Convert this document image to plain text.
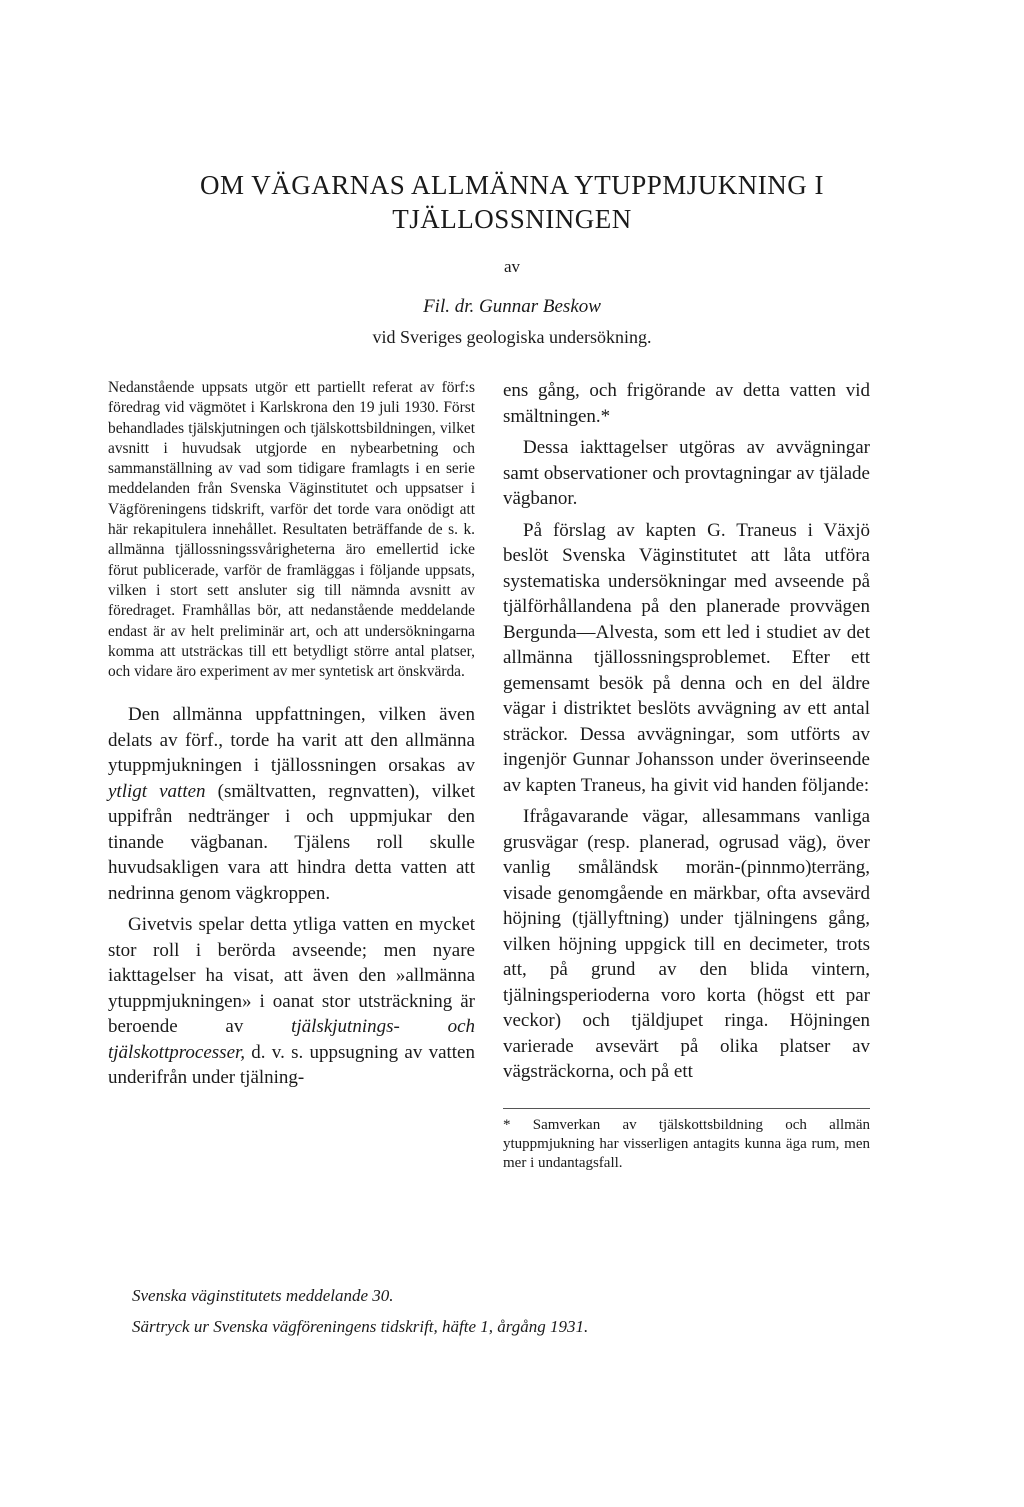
OM VÄGARNAS ALLMÄNNA YTUPPMJUKNING I
TJÄLLOSSNINGEN

av

Fil. dr. Gunnar Beskow

vid Sveriges geologiska undersökning.

Nedanstående uppsats utgör ett partiellt referat av förf:s föredrag vid vägmötet i Karlskrona den 19 juli 1930. Först behandlades tjälskjutningen och tjälskottsbildningen, vilket avsnitt i huvudsak utgjorde en nybearbetning och sammanställning av vad som tidigare framlagts i en serie meddelanden från Svenska Väginstitutet och uppsatser i Vägföreningens tidskrift, varför det torde vara onödigt att här rekapitulera innehållet. Resultaten beträffande de s. k. allmänna tjällossningssvårigheterna äro emellertid icke förut publicerade, varför de framläggas i följande uppsats, vilken i stort sett ansluter sig till nämnda avsnitt av föredraget. Framhållas bör, att nedanstående meddelande endast är av helt preliminär art, och att undersökningarna komma att utsträckas till ett betydligt större antal platser, och vidare äro experiment av mer syntetisk art önskvärda.

Den allmänna uppfattningen, vilken även delats av förf., torde ha varit att den allmänna ytuppmjukningen i tjällossningen orsakas av ytligt vatten (smältvatten, regnvatten), vilket uppifrån nedtränger i och uppmjukar den tinande vägbanan. Tjälens roll skulle huvudsakligen vara att hindra detta vatten att nedrinna genom vägkroppen.

Givetvis spelar detta ytliga vatten en mycket stor roll i berörda avseende; men nyare iakttagelser ha visat, att även den »allmänna ytuppmjukningen» i oanat stor utsträckning är beroende av tjälskjutnings- och tjälskottprocesser, d. v. s. uppsugning av vatten underifrån under tjälning-

ens gång, och frigörande av detta vatten vid smältningen.*

Dessa iakttagelser utgöras av avvägningar samt observationer och provtagningar av tjälade vägbanor.

På förslag av kapten G. Traneus i Växjö beslöt Svenska Väginstitutet att låta utföra systematiska undersökningar med avseende på tjälförhållandena på den planerade provvägen Bergunda—Alvesta, som ett led i studiet av det allmänna tjällossningsproblemet. Efter ett gemensamt besök på denna och en del äldre vägar i distriktet beslöts avvägning av ett antal sträckor. Dessa avvägningar, som utförts av ingenjör Gunnar Johansson under överinseende av kapten Traneus, ha givit vid handen följande:

Ifrågavarande vägar, allesammans vanliga grusvägar (resp. planerad, ogrusad väg), över vanlig småländsk morän-(pinnmo)terräng, visade genomgående en märkbar, ofta avsevärd höjning (tjällyftning) under tjälningens gång, vilken höjning uppgick till en decimeter, trots att, på grund av den blida vintern, tjälningsperioderna voro korta (högst ett par veckor) och tjäldjupet ringa. Höjningen varierade avsevärt på olika platser av vägsträckorna, och på ett

* Samverkan av tjälskottsbildning och allmän ytuppmjukning har visserligen antagits kunna äga rum, men mer i undantagsfall.

Svenska väginstitutets meddelande 30.

Särtryck ur Svenska vägföreningens tidskrift, häfte 1, årgång 1931.
